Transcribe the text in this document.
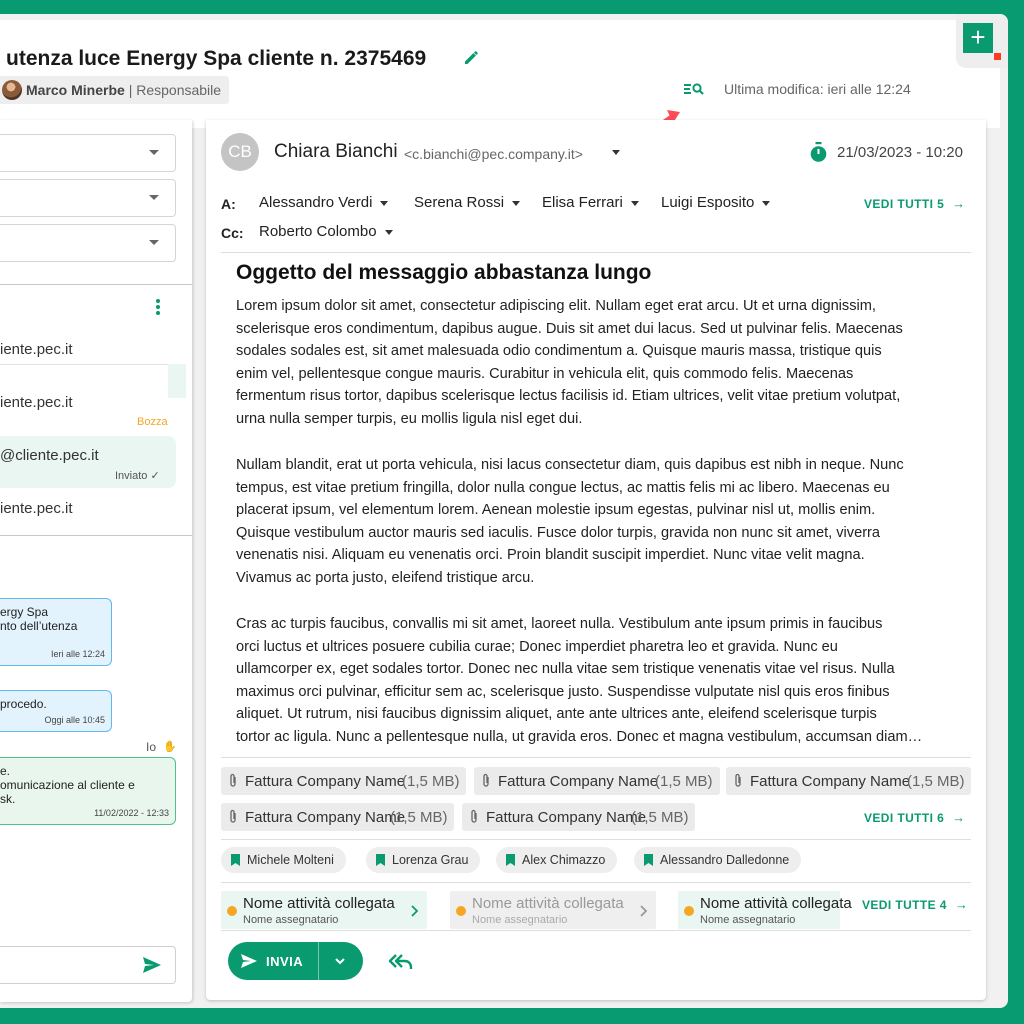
utenza luce Energy Spa cliente n. 2375469
Marco Minerbe
| Responsabile	Ultima modifica: ieri alle 12:24
+
iente.pec.it
iente.pec.it
Bozza
@cliente.pec.it
Inviato ✓
iente.pec.it
ergy Spa
nto dell’utenza
Ieri alle 12:24
procedo.
Oggi alle 10:45
Io ✋
e.
omunicazione al cliente e
sk.
11/02/2022 - 12:33
CB	Chiara Bianchi <c.bianchi@pec.company.it>	21/03/2023 - 10:20
A: Alessandro Verdi	Serena Rossi	Elisa Ferrari	Luigi Esposito	VEDI TUTTI 5 →
Cc: Roberto Colombo
Oggetto del messaggio abbastanza lungo
Lorem ipsum dolor sit amet, consectetur adipiscing elit. Nullam eget erat arcu. Ut et urna dignissim,
scelerisque eros condimentum, dapibus augue. Duis sit amet dui lacus. Sed ut pulvinar felis. Maecenas
sodales sodales est, sit amet malesuada odio condimentum a. Quisque mauris massa, tristique quis
enim vel, pellentesque congue mauris. Curabitur in vehicula elit, quis commodo felis. Maecenas
fermentum risus tortor, dapibus scelerisque lectus facilisis id. Etiam ultrices, velit vitae pretium volutpat,
urna nulla semper turpis, eu mollis ligula nisl eget dui.
Nullam blandit, erat ut porta vehicula, nisi lacus consectetur diam, quis dapibus est nibh in neque. Nunc
tempus, est vitae pretium fringilla, dolor nulla congue lectus, ac mattis felis mi ac libero. Maecenas eu
placerat ipsum, vel elementum lorem. Aenean molestie ipsum egestas, pulvinar nisl ut, mollis enim.
Quisque vestibulum auctor mauris sed iaculis. Fusce dolor turpis, gravida non nunc sit amet, viverra
venenatis nisi. Aliquam eu venenatis orci. Proin blandit suscipit imperdiet. Nunc vitae velit magna.
Vivamus ac porta justo, eleifend tristique arcu.
Cras ac turpis faucibus, convallis mi sit amet, laoreet nulla. Vestibulum ante ipsum primis in faucibus
orci luctus et ultrices posuere cubilia curae; Donec imperdiet pharetra leo et gravida. Nunc eu
ullamcorper ex, eget sodales tortor. Donec nec nulla vitae sem tristique venenatis vitae vel risus. Nulla
maximus orci pulvinar, efficitur sem ac, scelerisque justo. Suspendisse vulputate nisl quis eros finibus
aliquet. Ut rutrum, nisi faucibus dignissim aliquet, ante ante ultrices ante, eleifend scelerisque turpis
tortor ac ligula. Nunc a pellentesque nulla, ut gravida eros. Donec et magna vestibulum, accumsan diam…
Fattura Company Name
(1,5 MB)	Fattura Company Name
(1,5 MB) Fattura Company Name
(1,5 MB)
Fattura Company Name
(1,5 MB)	Fattura Company Name
(1,5 MB)	VEDI TUTTI 6 →
Michele Molteni	Lorenza Grau	Alex Chimazzo	Alessandro Dalledonne
Nome attività collegata
Nome assegnatario
Nome attività collegata
Nome assegnatario
Nome attività collegata
Nome assegnatario
VEDI TUTTE 4 →
INVIA
